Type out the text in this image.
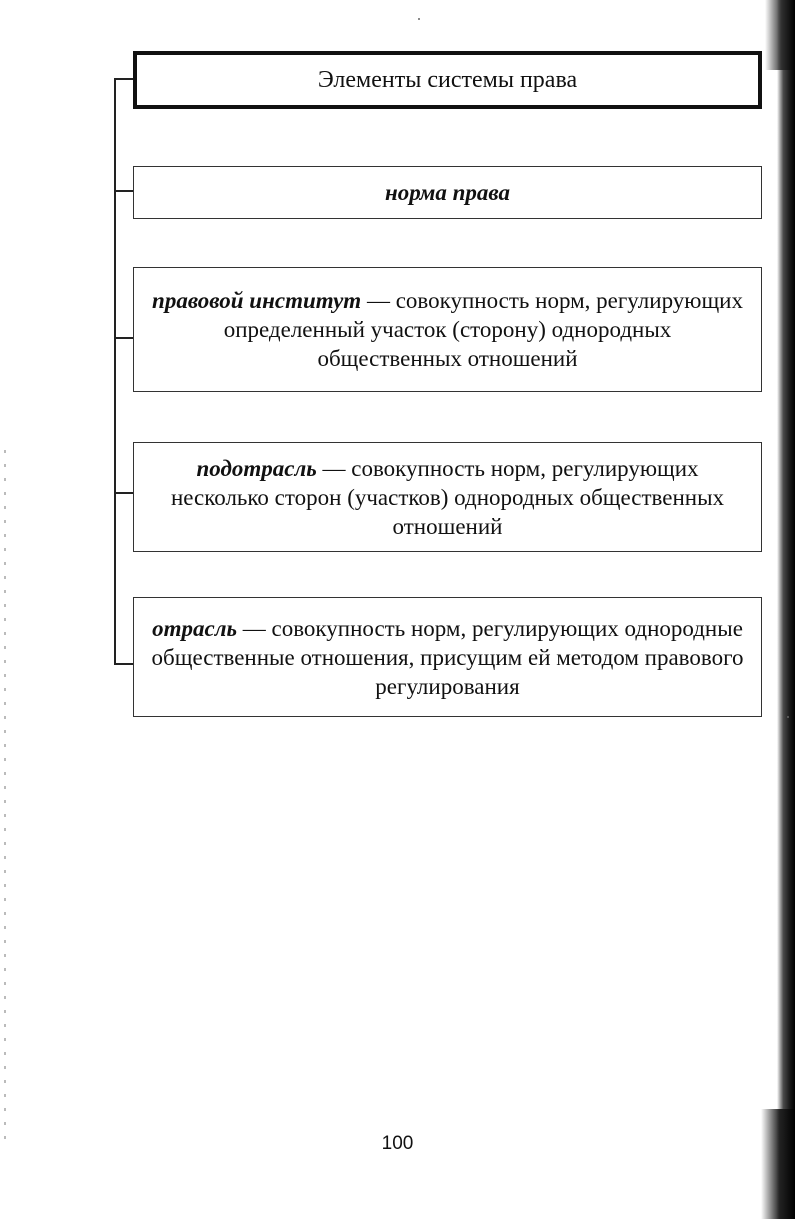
Элементы системы права
норма права
правовой институт — совокупность норм, регулирующих определенный участок (сторону) однородных общественных отношений
подотрасль — совокупность норм, регулирующих несколько сторон (участков) однородных общественных отношений
отрасль — совокупность норм, регулирующих однородные общественные отношения, присущим ей методом правового регулирования
100
